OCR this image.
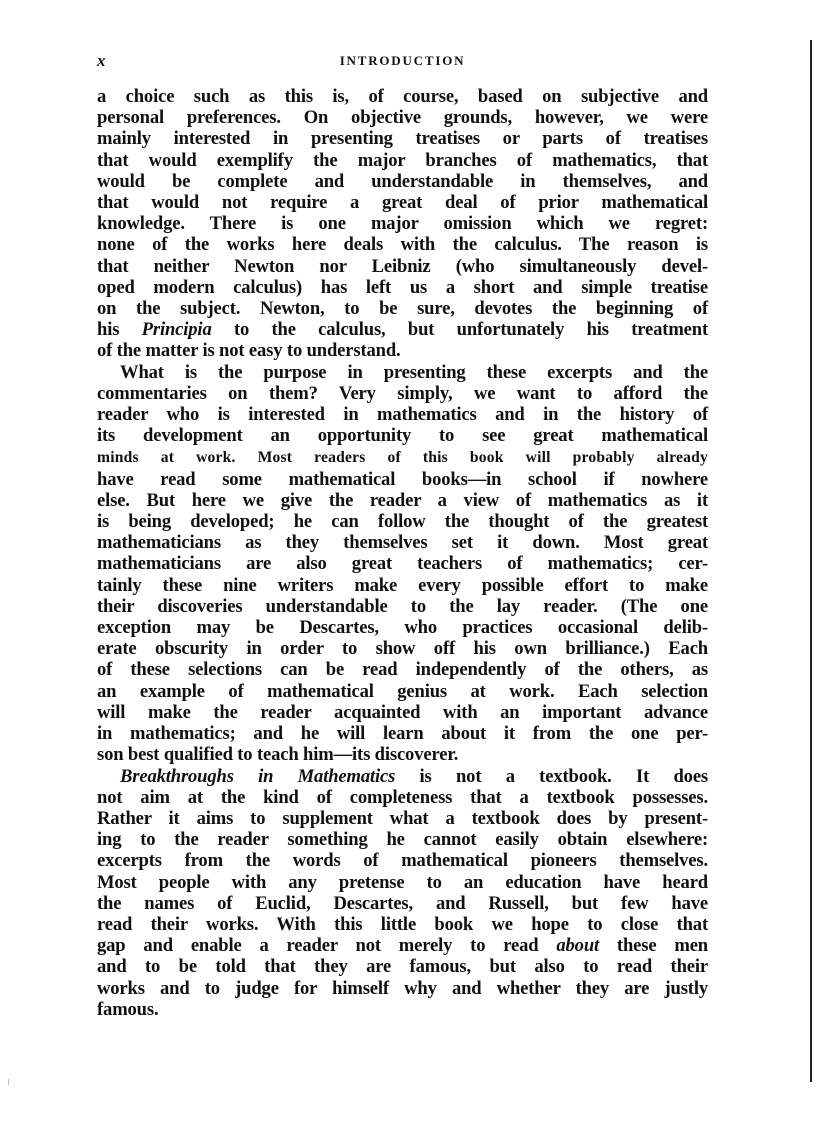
x	INTRODUCTION
a choice such as this is, of course, based on subjective and
personal preferences. On objective grounds, however, we were
mainly interested in presenting treatises or parts of treatises
that would exemplify the major branches of mathematics, that
would be complete and understandable in themselves, and
that would not require a great deal of prior mathematical
knowledge. There is one major omission which we regret:
none of the works here deals with the calculus. The reason is
that neither Newton nor Leibniz (who simultaneously devel-
oped modern calculus) has left us a short and simple treatise
on the subject. Newton, to be sure, devotes the beginning of
his Principia to the calculus, but unfortunately his treatment
of the matter is not easy to understand.
What is the purpose in presenting these excerpts and the
commentaries on them? Very simply, we want to afford the
reader who is interested in mathematics and in the history of
its development an opportunity to see great mathematical
minds at work. Most readers of this book will probably already
have read some mathematical books—in school if nowhere
else. But here we give the reader a view of mathematics as it
is being developed; he can follow the thought of the greatest
mathematicians as they themselves set it down. Most great
mathematicians are also great teachers of mathematics; cer-
tainly these nine writers make every possible effort to make
their discoveries understandable to the lay reader. (The one
exception may be Descartes, who practices occasional delib-
erate obscurity in order to show off his own brilliance.) Each
of these selections can be read independently of the others, as
an example of mathematical genius at work. Each selection
will make the reader acquainted with an important advance
in mathematics; and he will learn about it from the one per-
son best qualified to teach him—its discoverer.
Breakthroughs in Mathematics is not a textbook. It does
not aim at the kind of completeness that a textbook possesses.
Rather it aims to supplement what a textbook does by present-
ing to the reader something he cannot easily obtain elsewhere:
excerpts from the words of mathematical pioneers themselves.
Most people with any pretense to an education have heard
the names of Euclid, Descartes, and Russell, but few have
read their works. With this little book we hope to close that
gap and enable a reader not merely to read about these men
and to be told that they are famous, but also to read their
works and to judge for himself why and whether they are justly
famous.
